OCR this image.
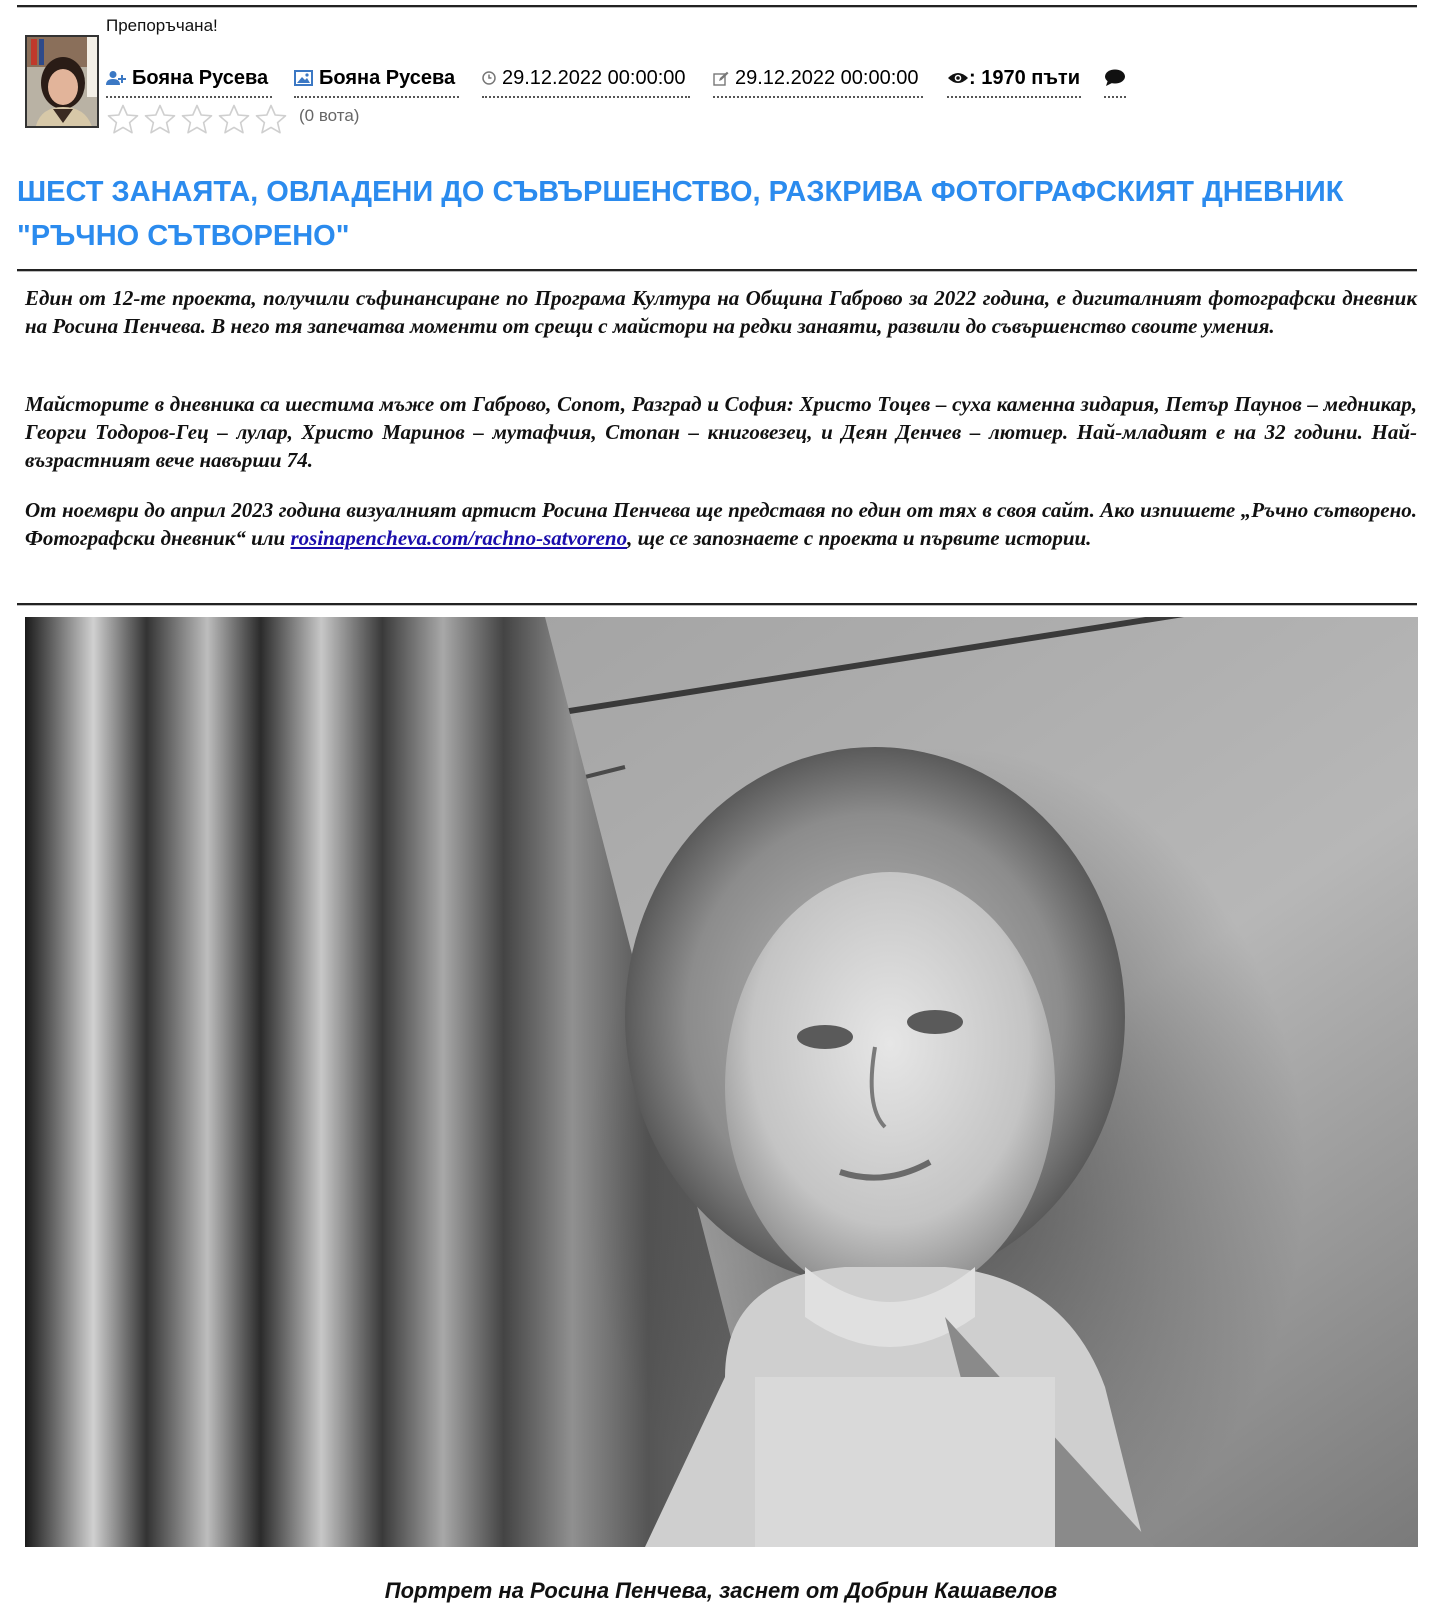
Препоръчана!
Бояна Русева	Бояна Русева 29.12.2022 00:00:00 29.12.2022 00:00:00	: 1970 пъти
(0 вота)
ШЕСТ ЗАНАЯТА, ОВЛАДЕНИ ДО СЪВЪРШЕНСТВО, РАЗКРИВА ФОТОГРАФСКИЯТ ДНЕВНИК "РЪЧНО СЪТВОРЕНО"

Един от 12-те проекта, получили съфинансиране по Програма Култура на Община Габрово за 2022 година, е дигиталният фотографски дневник на Росина Пенчева. В него тя запечатва моменти от срещи с майстори на редки занаяти, развили до съвършенство своите умения.

Майсторите в дневника са шестима мъже от Габрово, Сопот, Разград и София: Христо Тоцев – суха каменна зидария, Петър Паунов – медникар, Георги Тодоров-Гец – лулар, Христо Маринов – мутафчия, Стопан – книговезец, и Деян Денчев – лютиер. Най-младият е на 32 години. Най-възрастният вече навърши 74.

От ноември до април 2023 година визуалният артист Росина Пенчева ще представя по един от тях в своя сайт. Ако изпишете „Ръчно сътворено. Фотографски дневник“ или rosinapencheva.com/rachno-satvoreno, ще се запознаете с проекта и първите истории.

Портрет на Росина Пенчева, заснет от Добрин Кашавелов
